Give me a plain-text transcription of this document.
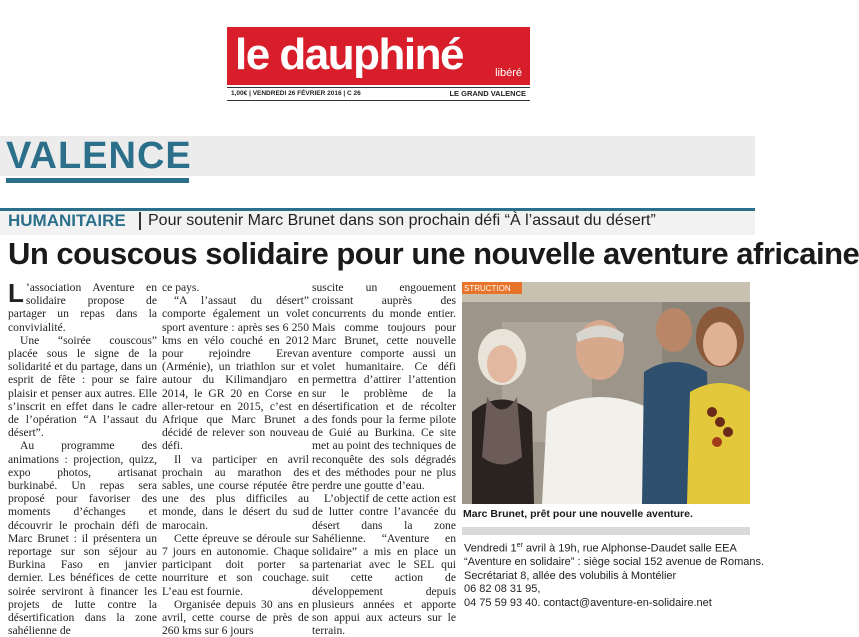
le dauphiné	libéré
1,00€ | VENDREDI 26 FÉVRIER 2016 | C 26	LE GRAND VALENCE
VALENCE
HUMANITAIRE Pour soutenir Marc Brunet dans son prochain défi “À l’assaut du désert”
Un couscous solidaire pour une nouvelle aventure africaine

L ’association Aventure en solidaire propose de partager un repas dans la convivialité.

Une “soirée couscous” placée sous le signe de la solidarité et du partage, dans un esprit de fête : pour se faire plaisir et penser aux autres. Elle s’inscrit en effet dans le cadre de l’opération “A l’assaut du désert”.

Au programme des animations : projection, quizz, expo photos, artisanat burkinabé. Un repas sera proposé pour favoriser des moments d’échanges et découvrir le prochain défi de Marc Brunet : il présentera un reportage sur son séjour au Burkina Faso en janvier dernier. Les bénéfices de cette soirée serviront à financer les projets de lutte contre la désertification dans la zone sahélienne de

ce pays.

“A l’assaut du désert” comporte également un volet sport aventure : après ses 6 250 kms en vélo couché en 2012 pour rejoindre Erevan (Arménie), un triathlon sur et autour du Kilimandjaro en 2014, le GR 20 en Corse en aller-retour en 2015, c’est en Afrique que Marc Brunet a décidé de relever son nouveau défi.

Il va participer en avril prochain au marathon des sables, une course réputée être une des plus difficiles au monde, dans le désert du sud marocain.

Cette épreuve se déroule sur 7 jours en autonomie. Chaque participant doit porter sa nourriture et son couchage. L’eau est fournie.

Organisée depuis 30 ans en avril, cette course de près de 260 kms sur 6 jours

suscite un engouement croissant auprès des concurrents du monde entier. Mais comme toujours pour Marc Brunet, cette nouvelle aventure comporte aussi un volet humanitaire. Ce défi permettra d’attirer l’attention sur le problème de la désertification et de récolter des fonds pour la ferme pilote de Guié au Burkina. Ce site met au point des techniques de reconquête des sols dégradés et des méthodes pour ne plus perdre une goutte d’eau.

L’objectif de cette action est de lutter contre l’avancée du désert dans la zone Sahélienne. “Aventure en solidaire” a mis en place un partenariat avec le SEL qui suit cette action de développement depuis plusieurs années et apporte son appui aux acteurs sur le terrain.

STRUCTION
Marc Brunet, prêt pour une nouvelle aventure.
Vendredi 1er avril à 19h, rue Alphonse-Daudet salle EEA
“Aventure en solidaire” : siège social 152 avenue de Romans.
Secrétariat 8, allée des volubilis à Montélier
06 82 08 31 95,
04 75 59 93 40. contact@aventure-en-solidaire.net
